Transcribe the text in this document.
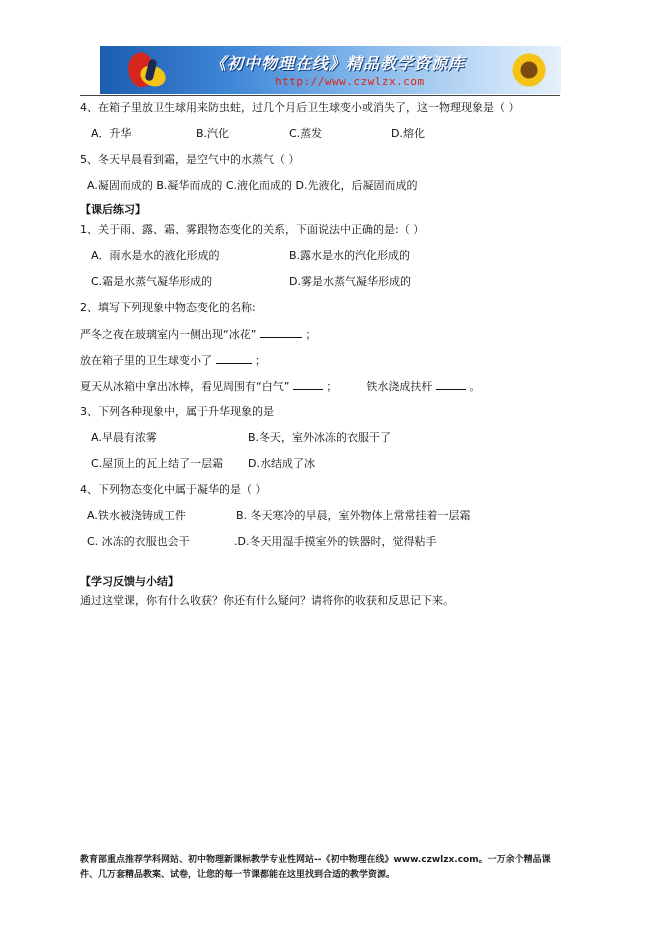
《初中物理在线》精品教学资源库
http://www.czwlzx.com
4、在箱子里放卫生球用来防虫蛀，过几个月后卫生球变小或消失了，这一物理现象是（ ）
A．升华	B.汽化	C.蒸发	D.熔化
5、冬天早晨看到霜，是空气中的水蒸气（ ）
A.凝固而成的 B.凝华而成的 C.液化而成的 D.先液化，后凝固而成的
【课后练习】
1、关于雨、露、霜、雾跟物态变化的关系，下面说法中正确的是:（ ）
A．雨水是水的液化形成的	B.露水是水的汽化形成的
C.霜是水蒸气凝华形成的	D.雾是水蒸气凝华形成的
2、填写下列现象中物态变化的名称:
严冬之夜在玻璃室内一侧出现“冰花”	；
放在箱子里的卫生球变小了	；
夏天从冰箱中拿出冰棒，看见周围有“白气”	；	铁水浇成扶杆	。
3、下列各种现象中，属于升华现象的是
A.早晨有浓雾	B.冬天，室外冰冻的衣服干了
C.屋顶上的瓦上结了一层霜 D.水结成了冰
4、下列物态变化中属于凝华的是（ ）
A.铁水被浇铸成工件	B. 冬天寒冷的早晨，室外物体上常常挂着一层霜
C. 冰冻的衣服也会干	.D.冬天用湿手摸室外的铁器时，觉得粘手
【学习反馈与小结】
通过这堂课，你有什么收获？你还有什么疑问？请将你的收获和反思记下来。
教育部重点推荐学科网站、初中物理新课标教学专业性网站--《初中物理在线》www.czwlzx.com。一万余个精品课
件、几万套精品教案、试卷，让您的每一节课都能在这里找到合适的教学资源。
